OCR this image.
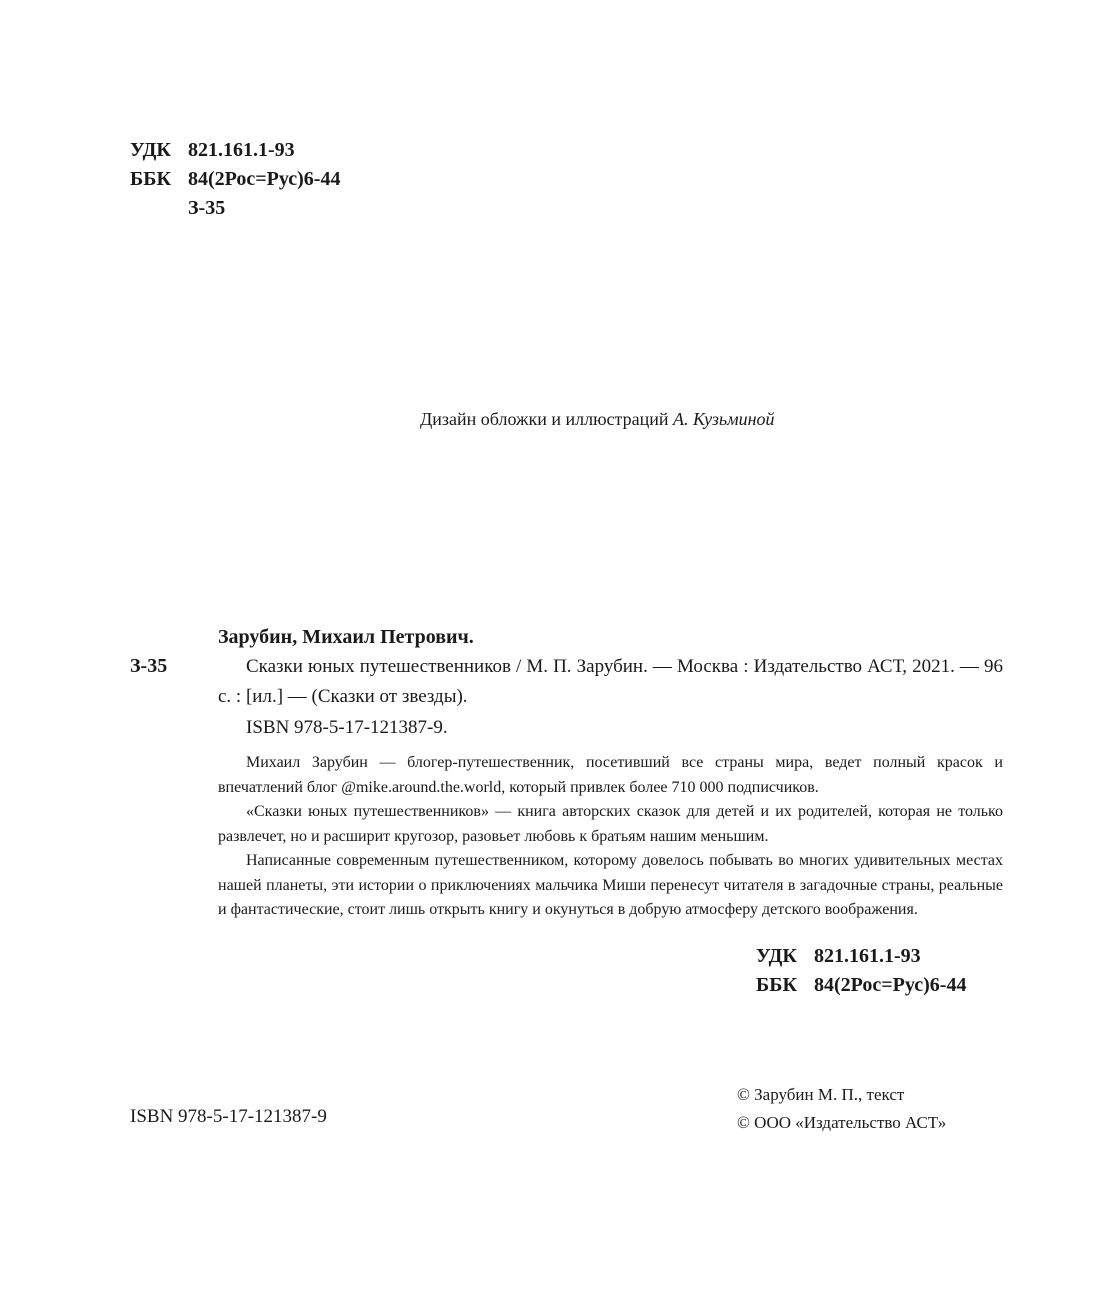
УДК 821.161.1-93
ББК 84(2Рос=Рус)6-44
З-35
Дизайн обложки и иллюстраций А. Кузьминой
З-35
Зарубин, Михаил Петрович.

Сказки юных путешественников / М. П. Зарубин. — Москва : Издательство АСТ, 2021. — 96 с. : [ил.] — (Сказки от звезды).

ISBN 978-5-17-121387-9.

Михаил Зарубин — блогер-путешественник, посетивший все страны мира, ведет полный красок и впечатлений блог @mike.around.the.world, который привлек более 710 000 подписчиков.

«Сказки юных путешественников» — книга авторских сказок для детей и их родителей, которая не только развлечет, но и расширит кругозор, разовьет любовь к братьям нашим меньшим.

Написанные современным путешественником, которому довелось побывать во многих удивительных местах нашей планеты, эти истории о приключениях мальчика Миши перенесут читателя в загадочные страны, реальные и фантастические, стоит лишь открыть книгу и окунуться в добрую атмосферу детского воображения.

УДК 821.161.1-93
ББК 84(2Рос=Рус)6-44
ISBN 978-5-17-121387-9
© Зарубин М. П., текст
© ООО «Издательство АСТ»
